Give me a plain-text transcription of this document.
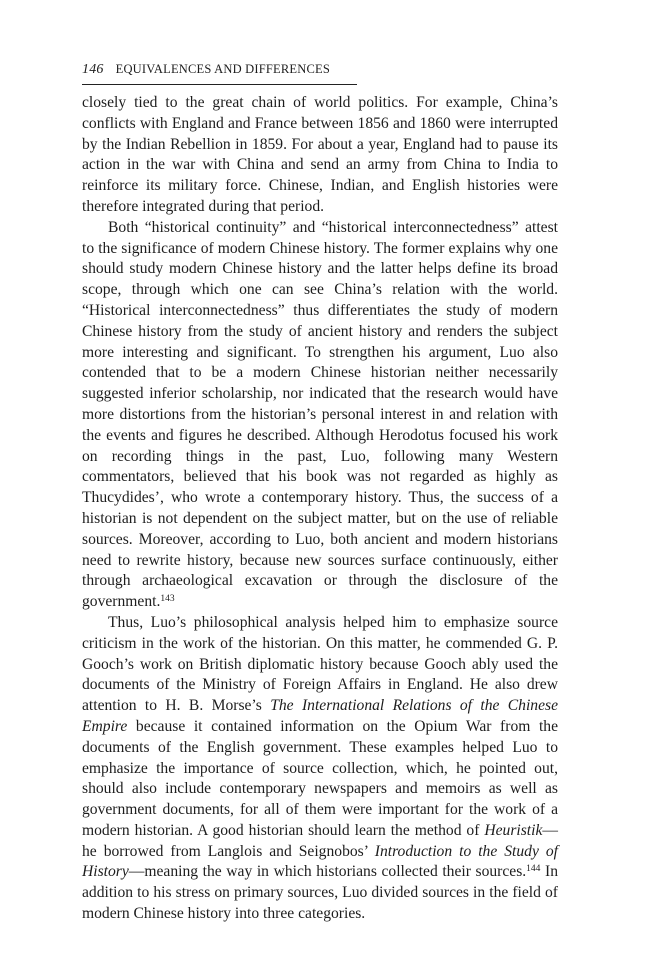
146 EQUIVALENCES AND DIFFERENCES

closely tied to the great chain of world politics. For example, China’s conflicts with England and France between 1856 and 1860 were interrupted by the Indian Rebellion in 1859. For about a year, England had to pause its action in the war with China and send an army from China to India to reinforce its military force. Chinese, Indian, and English histories were therefore integrated during that period.

Both “historical continuity” and “historical interconnectedness” attest to the significance of modern Chinese history. The former explains why one should study modern Chinese history and the latter helps define its broad scope, through which one can see China’s relation with the world. “Historical interconnectedness” thus differentiates the study of modern Chinese history from the study of ancient history and renders the subject more interesting and significant. To strengthen his argument, Luo also contended that to be a modern Chinese historian neither necessarily suggested inferior scholarship, nor indicated that the research would have more distortions from the historian’s personal interest in and relation with the events and figures he described. Although Herodotus focused his work on recording things in the past, Luo, following many Western commentators, believed that his book was not regarded as highly as Thucydides’, who wrote a contemporary history. Thus, the success of a historian is not dependent on the subject matter, but on the use of reliable sources. Moreover, according to Luo, both ancient and modern historians need to rewrite history, because new sources surface continuously, either through archaeological excavation or through the disclosure of the government.$^{143}$

Thus, Luo’s philosophical analysis helped him to emphasize source criticism in the work of the historian. On this matter, he commended G. P. Gooch’s work on British diplomatic history because Gooch ably used the documents of the Ministry of Foreign Affairs in England. He also drew attention to H. B. Morse’s The International Relations of the Chinese Empire because it contained information on the Opium War from the documents of the English government. These examples helped Luo to emphasize the importance of source collection, which, he pointed out, should also include contemporary newspapers and memoirs as well as government documents, for all of them were important for the work of a modern historian. A good historian should learn the method of Heuristik— he borrowed from Langlois and Seignobos’ Introduction to the Study of History—meaning the way in which historians collected their sources.$^{144}$ In addition to his stress on primary sources, Luo divided sources in the field of modern Chinese history into three categories.
